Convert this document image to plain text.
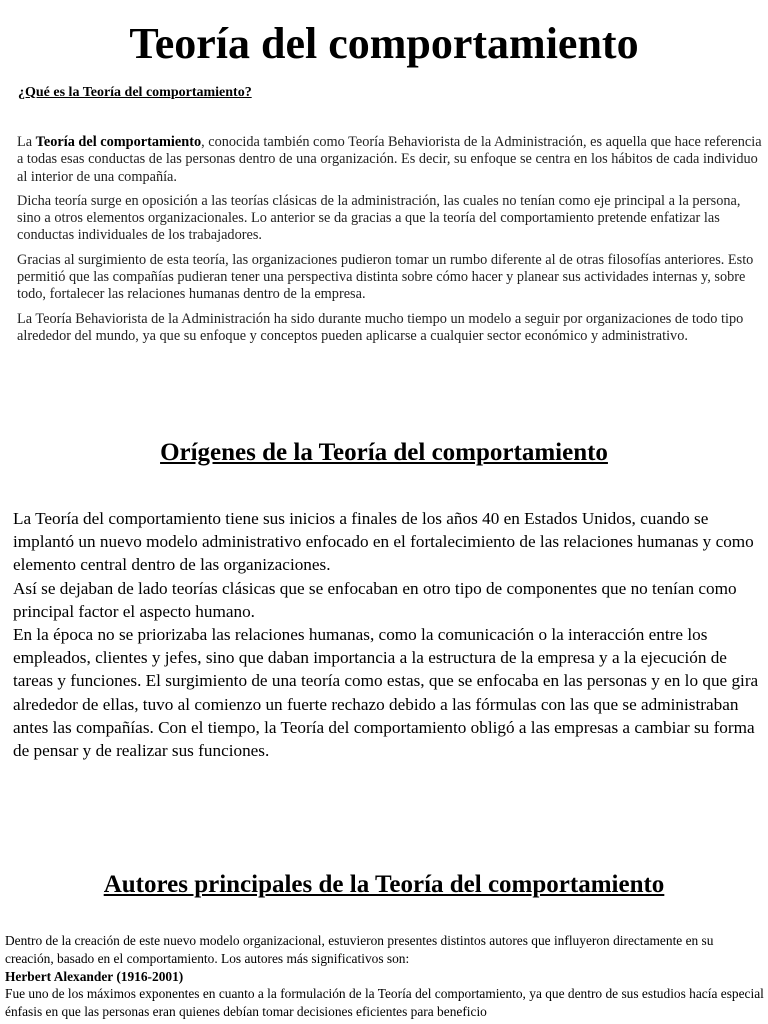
Teoría del comportamiento

¿Qué es la Teoría del comportamiento?

La Teoría del comportamiento, conocida también como Teoría Behaviorista de la Administración, es aquella que hace referencia a todas esas conductas de las personas dentro de una organización. Es decir, su enfoque se centra en los hábitos de cada individuo al interior de una compañía.

Dicha teoría surge en oposición a las teorías clásicas de la administración, las cuales no tenían como eje principal a la persona, sino a otros elementos organizacionales. Lo anterior se da gracias a que la teoría del comportamiento pretende enfatizar las conductas individuales de los trabajadores.

Gracias al surgimiento de esta teoría, las organizaciones pudieron tomar un rumbo diferente al de otras filosofías anteriores. Esto permitió que las compañías pudieran tener una perspectiva distinta sobre cómo hacer y planear sus actividades internas y, sobre todo, fortalecer las relaciones humanas dentro de la empresa.

La Teoría Behaviorista de la Administración ha sido durante mucho tiempo un modelo a seguir por organizaciones de todo tipo alrededor del mundo, ya que su enfoque y conceptos pueden aplicarse a cualquier sector económico y administrativo.

Orígenes de la Teoría del comportamiento

La Teoría del comportamiento tiene sus inicios a finales de los años 40 en Estados Unidos, cuando se implantó un nuevo modelo administrativo enfocado en el fortalecimiento de las relaciones humanas y como elemento central dentro de las organizaciones.

Así se dejaban de lado teorías clásicas que se enfocaban en otro tipo de componentes que no tenían como principal factor el aspecto humano.

En la época no se priorizaba las relaciones humanas, como la comunicación o la interacción entre los empleados, clientes y jefes, sino que daban importancia a la estructura de la empresa y a la ejecución de tareas y funciones. El surgimiento de una teoría como estas, que se enfocaba en las personas y en lo que gira alrededor de ellas, tuvo al comienzo un fuerte rechazo debido a las fórmulas con las que se administraban antes las compañías. Con el tiempo, la Teoría del comportamiento obligó a las empresas a cambiar su forma de pensar y de realizar sus funciones.

Autores principales de la Teoría del comportamiento

Dentro de la creación de este nuevo modelo organizacional, estuvieron presentes distintos autores que influyeron directamente en su creación, basado en el comportamiento. Los autores más significativos son:

Herbert Alexander (1916-2001)

Fue uno de los máximos exponentes en cuanto a la formulación de la Teoría del comportamiento, ya que dentro de sus estudios hacía especial énfasis en que las personas eran quienes debían tomar decisiones eficientes para beneficio
